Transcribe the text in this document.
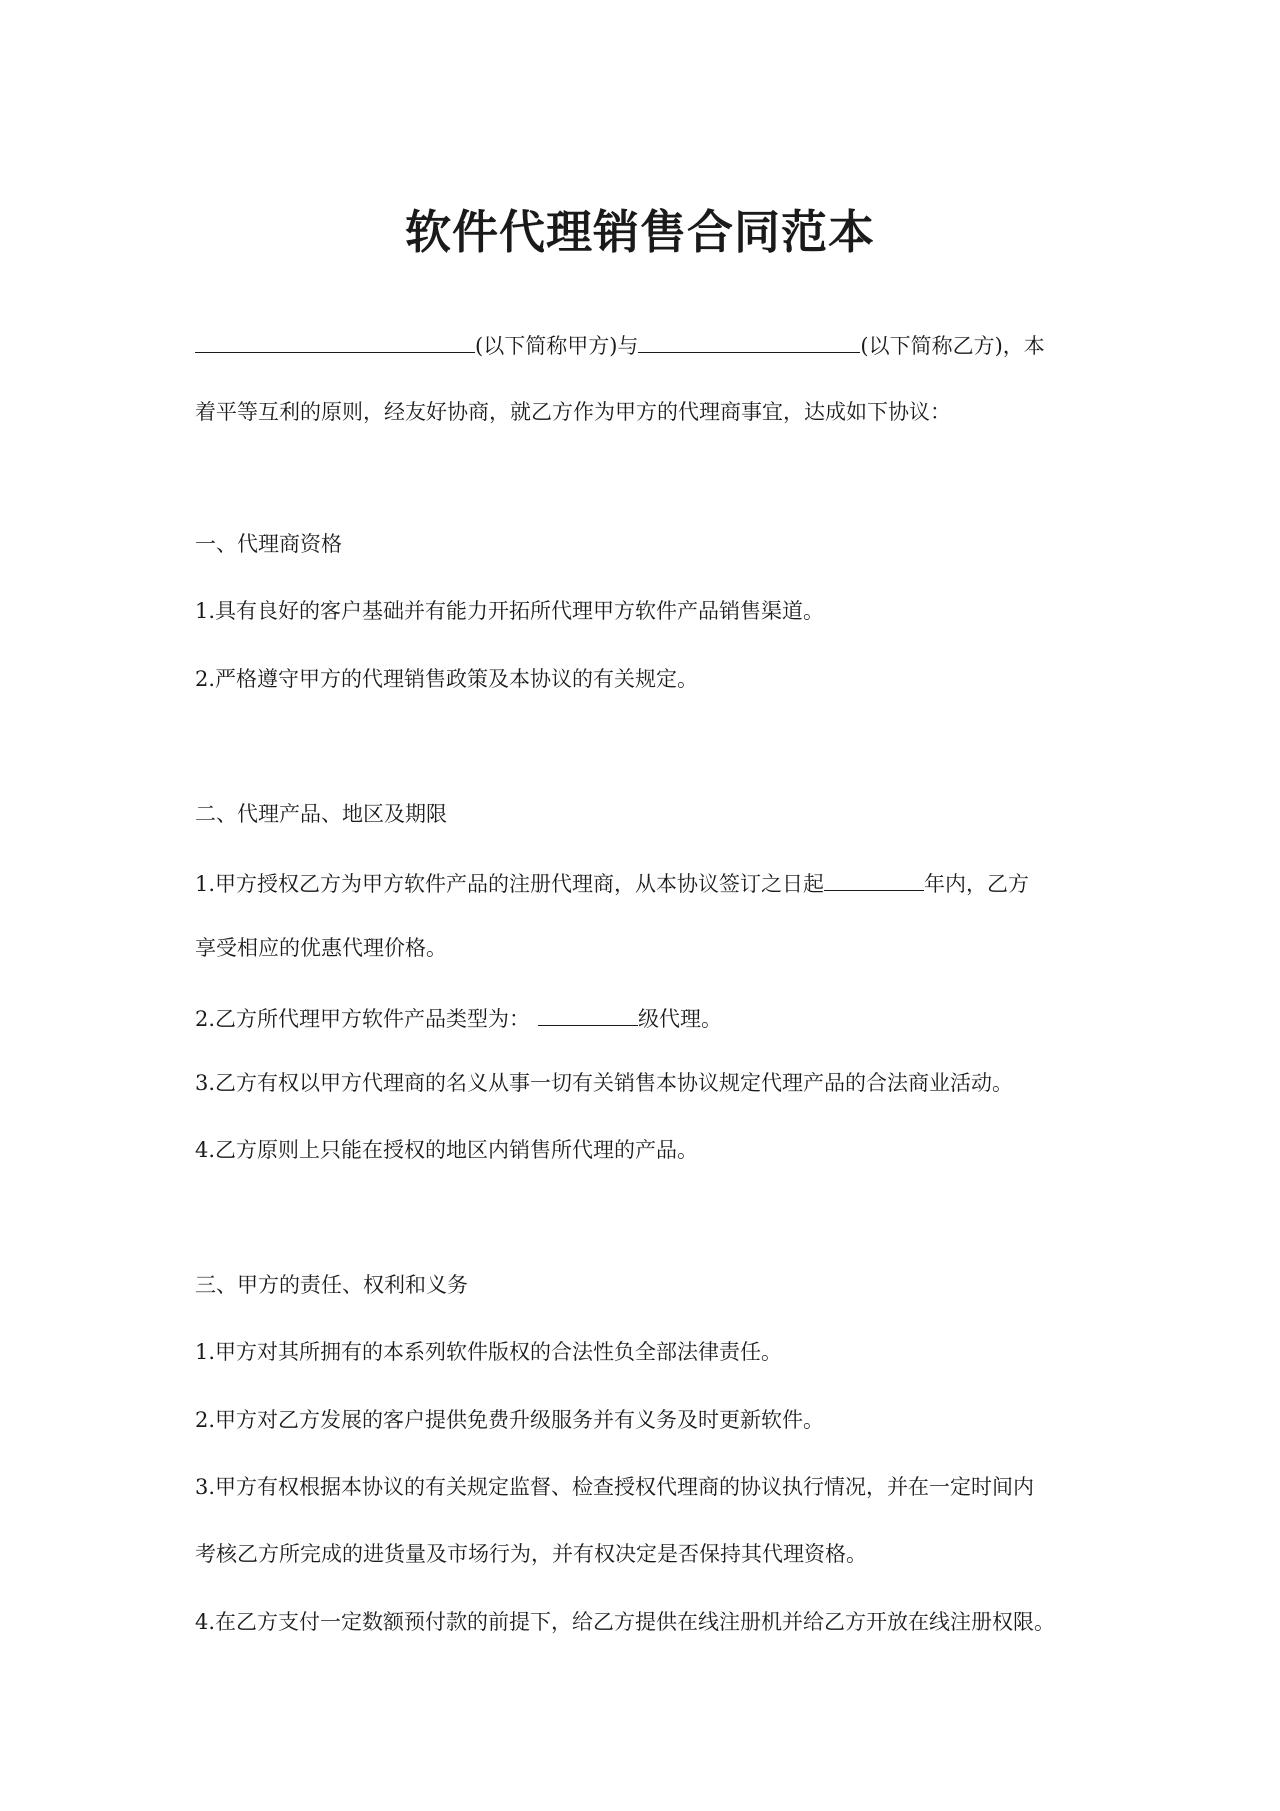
软件代理销售合同范本
(以下简称甲方)与	(以下简称乙方)，本
着平等互利的原则，经友好协商，就乙方作为甲方的代理商事宜，达成如下协议：
一、代理商资格
1.具有良好的客户基础并有能力开拓所代理甲方软件产品销售渠道。
2.严格遵守甲方的代理销售政策及本协议的有关规定。
二、代理产品、地区及期限
1.甲方授权乙方为甲方软件产品的注册代理商，从本协议签订之日起	年内，乙方
享受相应的优惠代理价格。
2.乙方所代理甲方软件产品类型为：	级代理。
3.乙方有权以甲方代理商的名义从事一切有关销售本协议规定代理产品的合法商业活动。
4.乙方原则上只能在授权的地区内销售所代理的产品。
三、甲方的责任、权利和义务
1.甲方对其所拥有的本系列软件版权的合法性负全部法律责任。
2.甲方对乙方发展的客户提供免费升级服务并有义务及时更新软件。
3.甲方有权根据本协议的有关规定监督、检查授权代理商的协议执行情况，并在一定时间内
考核乙方所完成的进货量及市场行为，并有权决定是否保持其代理资格。
4.在乙方支付一定数额预付款的前提下，给乙方提供在线注册机并给乙方开放在线注册权限。
